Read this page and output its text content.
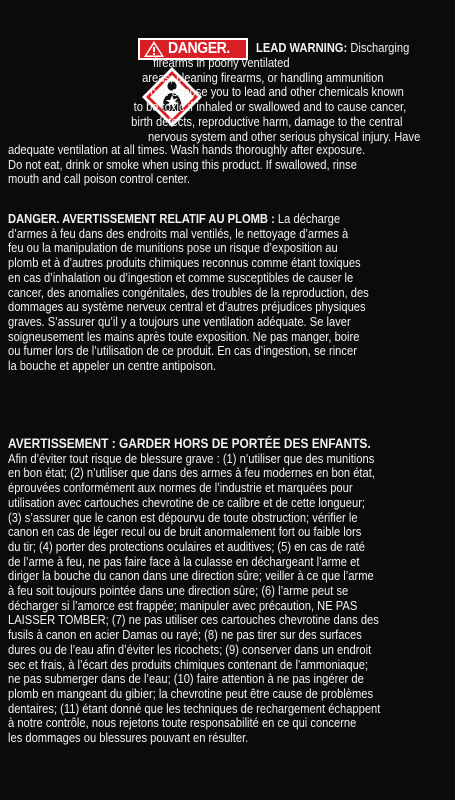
DANGER. LEAD WARNING: Discharging
firearms in poorly ventilated
areas, cleaning firearms, or handling ammunition
can expose you to lead and other chemicals known
to be toxic if inhaled or swallowed and to cause cancer,
birth defects, reproductive harm, damage to the central
nervous system and other serious physical injury. Have
adequate ventilation at all times. Wash hands thoroughly after exposure.
Do not eat, drink or smoke when using this product. If swallowed, rinse
mouth and call poison control center.
DANGER. AVERTISSEMENT RELATIF AU PLOMB : La décharge
d’armes à feu dans des endroits mal ventilés, le nettoyage d’armes à
feu ou la manipulation de munitions pose un risque d’exposition au
plomb et à d’autres produits chimiques reconnus comme étant toxiques
en cas d’inhalation ou d’ingestion et comme susceptibles de causer le
cancer, des anomalies congénitales, des troubles de la reproduction, des
dommages au système nerveux central et d’autres préjudices physiques
graves. S’assurer qu’il y a toujours une ventilation adéquate. Se laver
soigneusement les mains après toute exposition. Ne pas manger, boire
ou fumer lors de l’utilisation de ce produit. En cas d’ingestion, se rincer
la bouche et appeler un centre antipoison.
AVERTISSEMENT : GARDER HORS DE PORTÉE DES ENFANTS.
Afin d’éviter tout risque de blessure grave : (1) n’utiliser que des munitions
en bon état; (2) n’utiliser que dans des armes à feu modernes en bon état,
éprouvées conformément aux normes de l’industrie et marquées pour
utilisation avec cartouches chevrotine de ce calibre et de cette longueur;
(3) s’assurer que le canon est dépourvu de toute obstruction; vérifier le
canon en cas de léger recul ou de bruit anormalement fort ou faible lors
du tir; (4) porter des protections oculaires et auditives; (5) en cas de raté
de l’arme à feu, ne pas faire face à la culasse en déchargeant l’arme et
diriger la bouche du canon dans une direction sûre; veiller à ce que l’arme
à feu soit toujours pointée dans une direction sûre; (6) l’arme peut se
décharger si l’amorce est frappée; manipuler avec précaution, NE PAS
LAISSER TOMBER; (7) ne pas utiliser ces cartouches chevrotine dans des
fusils à canon en acier Damas ou rayé; (8) ne pas tirer sur des surfaces
dures ou de l’eau afin d’éviter les ricochets; (9) conserver dans un endroit
sec et frais, à l’écart des produits chimiques contenant de l’ammoniaque;
ne pas submerger dans de l’eau; (10) faire attention à ne pas ingérer de
plomb en mangeant du gibier; la chevrotine peut être cause de problèmes
dentaires; (11) étant donné que les techniques de rechargement échappent
à notre contrôle, nous rejetons toute responsabilité en ce qui concerne
les dommages ou blessures pouvant en résulter.
